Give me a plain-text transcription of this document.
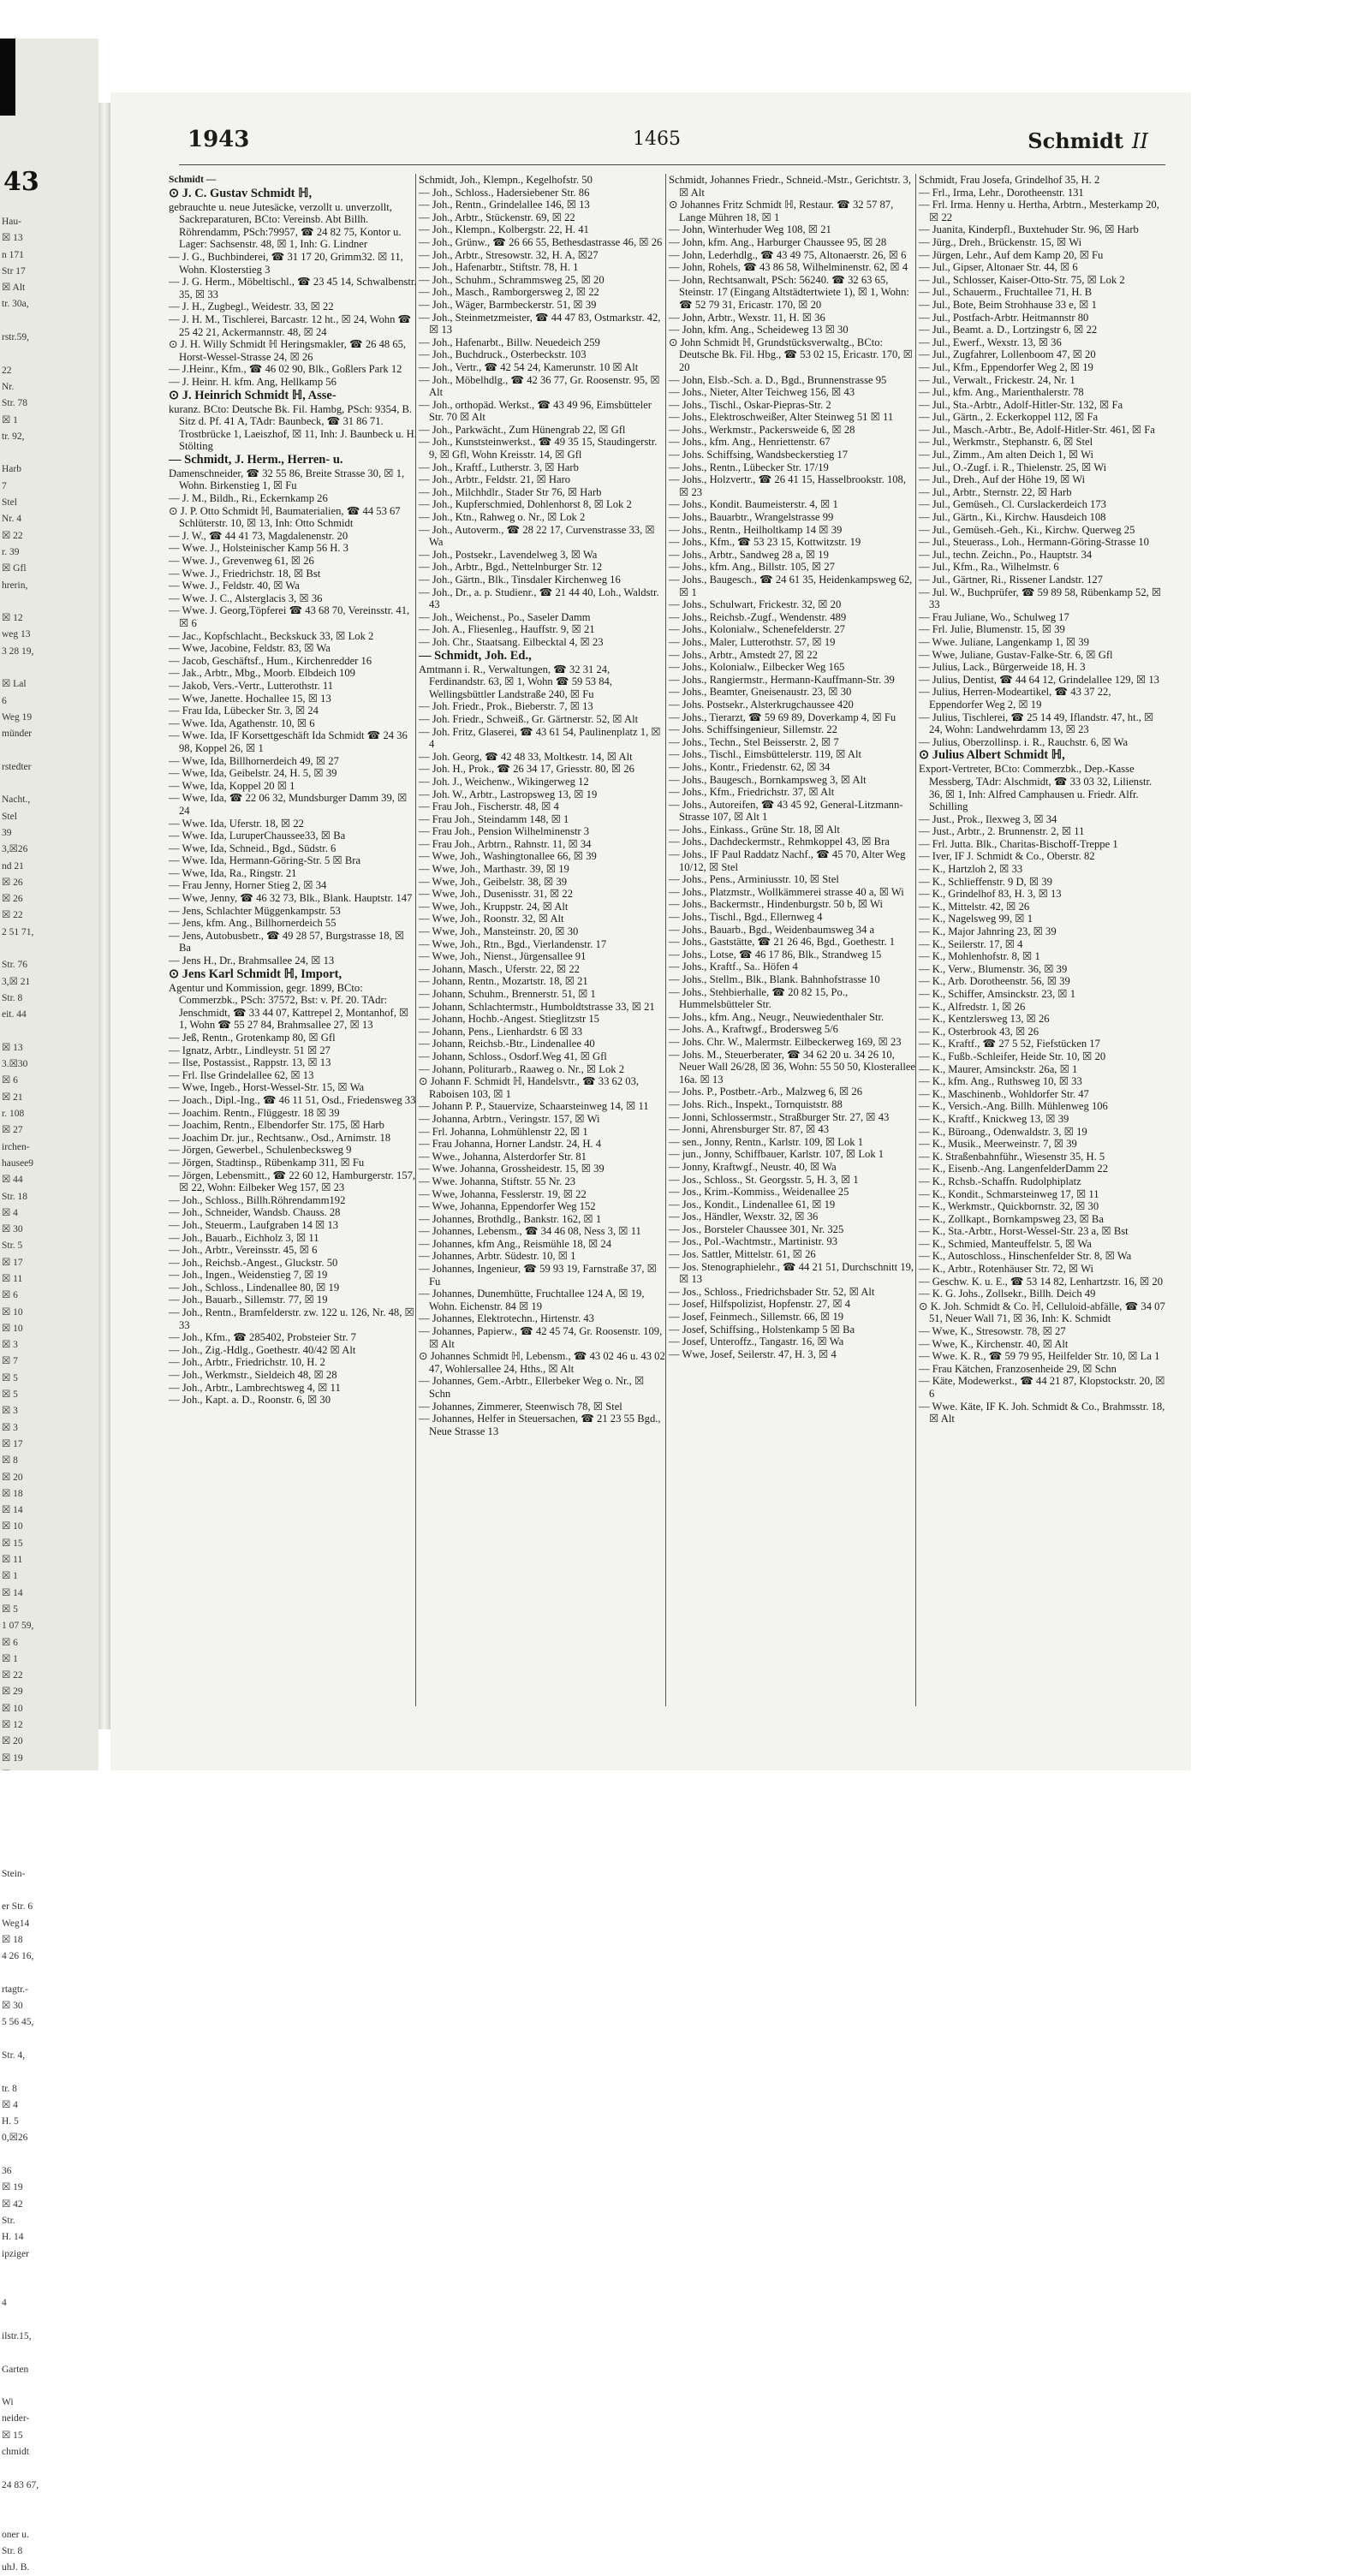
43
Hau-
☒ 13
n 171
Str 17
☒ Alt
tr. 30a,
rstr.59,
22
Nr.
Str. 78
☒ 1
tr. 92,
Harb
7
Stel
Nr. 4
☒ 22
r. 39
☒ Gfl
hrerin,
☒ 12
weg 13
3 28 19,
☒ Lal
6
Weg 19
münder
rstedter
Nacht.,
Stel
39
3,☒26
nd 21
☒ 26
☒ 26
☒ 22
2 51 71,
Str. 76
3,☒ 21
Str. 8
eit. 44
☒ 13
3.☒30
☒ 6
☒ 21
r. 108
☒ 27
irchen-
hausee9
☒ 44
Str. 18
☒ 4
☒ 30
Str. 5
☒ 17
☒ 11
☒ 6
☒ 10
☒ 10
☒ 3
☒ 7
☒ 5
☒ 5
☒ 3
☒ 3
☒ 17
☒ 8
☒ 20
☒ 18
☒ 14
☒ 10
☒ 15
☒ 11
☒ 1
☒ 14
☒ 5
1 07 59,
☒ 6
☒ 1
☒ 22
☒ 29
☒ 10
☒ 12
☒ 20
☒ 19
Stein-
er Str. 6
Weg14
☒ 18
4 26 16,
rtagtr.-
☒ 30
5 56 45,
Str. 4,
tr. 8
☒ 4
H. 5
0,☒26
36
☒ 19
☒ 42
Str.
H. 14
ipziger
4
ilstr.15,
Garten
Wi
neider-
☒ 15
chmidt
24 83 67,
oner u.
Str. 8
uhJ. B.
1943	1465	Schmidt II

Schmidt —

⊙ J. C. Gustav Schmidt ℍ,

gebrauchte u. neue Jutesäcke, verzollt u. unverzollt, Sackreparaturen, BCto: Vereinsb. Abt Billh. Röhrendamm, PSch:79957, ☎ 24 82 75, Kontor u. Lager: Sachsenstr. 48, ☒ 1, Inh: G. Lindner

— J. G., Buchbinderei, ☎ 31 17 20, Grimm32. ☒ 11, Wohn. Klosterstieg 3

— J. G. Herm., Möbeltischl., ☎ 23 45 14, Schwalbenstr. 35, ☒ 33

— J. H., Zugbegl., Weidestr. 33, ☒ 22

— J. H. M., Tischlerei, Barcastr. 12 ht., ☒ 24, Wohn ☎ 25 42 21, Ackermannstr. 48, ☒ 24

⊙ J. H. Willy Schmidt ℍ Heringsmakler, ☎ 26 48 65, Horst-Wessel-Strasse 24, ☒ 26

— J.Heinr., Kfm., ☎ 46 02 90, Blk., Goßlers Park 12

— J. Heinr. H. kfm. Ang, Hellkamp 56

⊙ J. Heinrich Schmidt ℍ, Asse-

kuranz. BCto: Deutsche Bk. Fil. Hambg, PSch: 9354, B. Sitz d. Pf. 41 A, TAdr: Baunbeck, ☎ 31 86 71. Trostbrücke 1, Laeiszhof, ☒ 11, Inh: J. Baunbeck u. H. Stölting

— Schmidt, J. Herm., Herren- u.

Damenschneider, ☎ 32 55 86, Breite Strasse 30, ☒ 1, Wohn. Birkenstieg 1, ☒ Fu

— J. M., Bildh., Ri., Eckernkamp 26

⊙ J. P. Otto Schmidt ℍ, Baumaterialien, ☎ 44 53 67 Schlüterstr. 10, ☒ 13, Inh: Otto Schmidt

— J. W., ☎ 44 41 73, Magdalenenstr. 20

— Wwe. J., Holsteinischer Kamp 56 H. 3

— Wwe. J., Grevenweg 61, ☒ 26

— Wwe. J., Friedrichstr. 18, ☒ Bst

— Wwe. J., Feldstr. 40, ☒ Wa

— Wwe. J. C., Alsterglacis 3, ☒ 36

— Wwe. J. Georg,Töpferei ☎ 43 68 70, Vereinsstr. 41, ☒ 6

— Jac., Kopfschlacht., Beckskuck 33, ☒ Lok 2

— Wwe, Jacobine, Feldstr. 83, ☒ Wa

— Jacob, Geschäftsf., Hum., Kirchenredder 16

— Jak., Arbtr., Mbg., Moorb. Elbdeich 109

— Jakob, Vers.-Vertr., Lutterothstr. 11

— Wwe, Janette. Hochallee 15, ☒ 13

— Frau Ida, Lübecker Str. 3, ☒ 24

— Wwe. Ida, Agathenstr. 10, ☒ 6

— Wwe. Ida, IF Korsettgeschäft Ida Schmidt ☎ 24 36 98, Koppel 26, ☒ 1

— Wwe, Ida, Billhornerdeich 49, ☒ 27

— Wwe, Ida, Geibelstr. 24, H. 5, ☒ 39

— Wwe, Ida, Koppel 20 ☒ 1

— Wwe, Ida, ☎ 22 06 32, Mundsburger Damm 39, ☒ 24

— Wwe. Ida, Uferstr. 18, ☒ 22

— Wwe. Ida, LuruperChaussee33, ☒ Ba

— Wwe, Ida, Schneid., Bgd., Südstr. 6

— Wwe. Ida, Hermann-Göring-Str. 5 ☒ Bra

— Wwe, Ida, Ra., Ringstr. 21

— Frau Jenny, Horner Stieg 2, ☒ 34

— Wwe, Jenny, ☎ 46 32 73, Blk., Blank. Hauptstr. 147

— Jens, Schlachter Müggenkampstr. 53

— Jens, kfm. Ang., Billhornerdeich 55

— Jens, Autobusbetr., ☎ 49 28 57, Burgstrasse 18, ☒ Ba

— Jens H., Dr., Brahmsallee 24, ☒ 13

⊙ Jens Karl Schmidt ℍ, Import,

Agentur und Kommission, gegr. 1899, BCto: Commerzbk., PSch: 37572, Bst: v. Pf. 20. TAdr: Jenschmidt, ☎ 33 44 07, Kattrepel 2, Montanhof, ☒ 1, Wohn ☎ 55 27 84, Brahmsallee 27, ☒ 13

— Jeß, Rentn., Grotenkamp 80, ☒ Gfl

— Ignatz, Arbtr., Lindleystr. 51 ☒ 27

— Ilse, Postassist., Rappstr. 13, ☒ 13

— Frl. Ilse Grindelallee 62, ☒ 13

— Wwe, Ingeb., Horst-Wessel-Str. 15, ☒ Wa

— Joach., Dipl.-Ing., ☎ 46 11 51, Osd., Friedensweg 33

— Joachim. Rentn., Flüggestr. 18 ☒ 39

— Joachim, Rentn., Elbendorfer Str. 175, ☒ Harb

— Joachim Dr. jur., Rechtsanw., Osd., Arnimstr. 18

— Jörgen, Gewerbel., Schulenbecksweg 9

— Jörgen, Stadtinsp., Rübenkamp 311, ☒ Fu

— Jörgen, Lebensmitt., ☎ 22 60 12, Hamburgerstr. 157, ☒ 22, Wohn: Eilbeker Weg 157, ☒ 23

— Joh., Schloss., Billh.Röhrendamm192

— Joh., Schneider, Wandsb. Chauss. 28

— Joh., Steuerm., Laufgraben 14 ☒ 13

— Joh., Bauarb., Eichholz 3, ☒ 11

— Joh., Arbtr., Vereinsstr. 45, ☒ 6

— Joh., Reichsb.-Angest., Gluckstr. 50

— Joh., Ingen., Weidenstieg 7, ☒ 19

— Joh., Schloss., Lindenallee 80, ☒ 19

— Joh., Bauarb., Sillemstr. 77, ☒ 19

— Joh., Rentn., Bramfelderstr. zw. 122 u. 126, Nr. 48, ☒ 33

— Joh., Kfm., ☎ 285402, Probsteier Str. 7

— Joh., Zig.-Hdlg., Goethestr. 40/42 ☒ Alt

— Joh., Arbtr., Friedrichstr. 10, H. 2

— Joh., Werkmstr., Sieldeich 48, ☒ 28

— Joh., Arbtr., Lambrechtsweg 4, ☒ 11

— Joh., Kapt. a. D., Roonstr. 6, ☒ 30

Schmidt, Joh., Klempn., Kegelhofstr. 50

— Joh., Schloss., Hadersiebener Str. 86

— Joh., Rentn., Grindelallee 146, ☒ 13

— Joh., Arbtr., Stückenstr. 69, ☒ 22

— Joh., Klempn., Kolbergstr. 22, H. 41

— Joh., Grünw., ☎ 26 66 55, Bethesdastrasse 46, ☒ 26

— Joh., Arbtr., Stresowstr. 32, H. A, ☒27

— Joh., Hafenarbtr., Stiftstr. 78, H. 1

— Joh., Schuhm., Schrammsweg 25, ☒ 20

— Joh., Masch., Ramborgersweg 2, ☒ 22

— Joh., Wäger, Barmbeckerstr. 51, ☒ 39

— Joh., Steinmetzmeister, ☎ 44 47 83, Ostmarkstr. 42, ☒ 13

— Joh., Hafenarbt., Billw. Neuedeich 259

— Joh., Buchdruck., Osterbeckstr. 103

— Joh., Vertr., ☎ 42 54 24, Kamerunstr. 10 ☒ Alt

— Joh., Möbelhdlg., ☎ 42 36 77, Gr. Roosenstr. 95, ☒ Alt

— Joh., orthopäd. Werkst., ☎ 43 49 96, Eimsbütteler Str. 70 ☒ Alt

— Joh., Parkwächt., Zum Hünengrab 22, ☒ Gfl

— Joh., Kunststeinwerkst., ☎ 49 35 15, Staudingerstr. 9, ☒ Gfl, Wohn Kreisstr. 14, ☒ Gfl

— Joh., Kraftf., Lutherstr. 3, ☒ Harb

— Joh., Arbtr., Feldstr. 21, ☒ Haro

— Joh., Milchhdlr., Stader Str 76, ☒ Harb

— Joh., Kupferschmied, Dohlenhorst 8, ☒ Lok 2

— Joh., Ktn., Rahweg o. Nr., ☒ Lok 2

— Joh., Autoverm., ☎ 28 22 17, Curvenstrasse 33, ☒ Wa

— Joh., Postsekr., Lavendelweg 3, ☒ Wa

— Joh., Arbtr., Bgd., Nettelnburger Str. 12

— Joh., Gärtn., Blk., Tinsdaler Kirchenweg 16

— Joh., Dr., a. p. Studienr., ☎ 21 44 40, Loh., Waldstr. 43

— Joh., Weichenst., Po., Saseler Damm

— Joh. A., Fliesenleg., Hauffstr. 9, ☒ 21

— Joh. Chr., Staatsang. Eilbecktal 4, ☒ 23

— Schmidt, Joh. Ed.,

Amtmann i. R., Verwaltungen, ☎ 32 31 24, Ferdinandstr. 63, ☒ 1, Wohn ☎ 59 53 84, Wellingsbüttler Landstraße 240, ☒ Fu

— Joh. Friedr., Prok., Bieberstr. 7, ☒ 13

— Joh. Friedr., Schweiß., Gr. Gärtnerstr. 52, ☒ Alt

— Joh. Fritz, Glaserei, ☎ 43 61 54, Paulinenplatz 1, ☒ 4

— Joh. Georg, ☎ 42 48 33, Moltkestr. 14, ☒ Alt

— Joh. H., Prok., ☎ 26 34 17, Griesstr. 80, ☒ 26

— Joh. J., Weichenw., Wikingerweg 12

— Joh. W., Arbtr., Lastropsweg 13, ☒ 19

— Frau Joh., Fischerstr. 48, ☒ 4

— Frau Joh., Steindamm 148, ☒ 1

— Frau Joh., Pension Wilhelminenstr 3

— Frau Joh., Arbtrn., Rahnstr. 11, ☒ 34

— Wwe, Joh., Washingtonallee 66, ☒ 39

— Wwe, Joh., Marthastr. 39, ☒ 19

— Wwe, Joh., Geibelstr. 38, ☒ 39

— Wwe, Joh., Dusenisstr. 31, ☒ 22

— Wwe, Joh., Kruppstr. 24, ☒ Alt

— Wwe, Joh., Roonstr. 32, ☒ Alt

— Wwe, Joh., Mansteinstr. 20, ☒ 30

— Wwe, Joh., Rtn., Bgd., Vierlandenstr. 17

— Wwe, Joh., Nienst., Jürgensallee 91

— Johann, Masch., Uferstr. 22, ☒ 22

— Johann, Rentn., Mozartstr. 18, ☒ 21

— Johann, Schuhm., Brennerstr. 51, ☒ 1

— Johann, Schlachtermstr., Humboldtstrasse 33, ☒ 21

— Johann, Hochb.-Angest. Stieglitzstr 15

— Johann, Pens., Lienhardstr. 6 ☒ 33

— Johann, Reichsb.-Btr., Lindenallee 40

— Johann, Schloss., Osdorf.Weg 41, ☒ Gfl

— Johann, Politurarb., Raaweg o. Nr., ☒ Lok 2

⊙ Johann F. Schmidt ℍ, Handelsvtr., ☎ 33 62 03, Raboisen 103, ☒ 1

— Johann P. P., Stauervize, Schaarsteinweg 14, ☒ 11

— Johanna, Arbtrn., Veringstr. 157, ☒ Wi

— Frl. Johanna, Lohmühlenstr 22, ☒ 1

— Frau Johanna, Horner Landstr. 24, H. 4

— Wwe., Johanna, Alsterdorfer Str. 81

— Wwe. Johanna, Grossheidestr. 15, ☒ 39

— Wwe. Johanna, Stiftstr. 55 Nr. 23

— Wwe, Johanna, Fesslerstr. 19, ☒ 22

— Wwe, Johanna, Eppendorfer Weg 152

— Johannes, Brothdlg., Bankstr. 162, ☒ 1

— Johannes, Lebensm., ☎ 34 46 08, Ness 3, ☒ 11

— Johannes, kfm Ang., Reismühle 18, ☒ 24

— Johannes, Arbtr. Südestr. 10, ☒ 1

— Johannes, Ingenieur, ☎ 59 93 19, Farnstraße 37, ☒ Fu

— Johannes, Dunemhütte, Fruchtallee 124 A, ☒ 19, Wohn. Eichenstr. 84 ☒ 19

— Johannes, Elektrotechn., Hirtenstr. 43

— Johannes, Papierw., ☎ 42 45 74, Gr. Roosenstr. 109, ☒ Alt

⊙ Johannes Schmidt ℍ, Lebensm., ☎ 43 02 46 u. 43 02 47, Wohlersallee 24, Hths., ☒ Alt

— Johannes, Gem.-Arbtr., Ellerbeker Weg o. Nr., ☒ Schn

— Johannes, Zimmerer, Steenwisch 78, ☒ Stel

— Johannes, Helfer in Steuersachen, ☎ 21 23 55 Bgd., Neue Strasse 13

Schmidt, Johannes Friedr., Schneid.-Mstr., Gerichtstr. 3, ☒ Alt

⊙ Johannes Fritz Schmidt ℍ, Restaur. ☎ 32 57 87, Lange Mühren 18, ☒ 1

— John, Winterhuder Weg 108, ☒ 21

— John, kfm. Ang., Harburger Chaussee 95, ☒ 28

— John, Lederhdlg., ☎ 43 49 75, Altonaerstr. 26, ☒ 6

— John, Rohels, ☎ 43 86 58, Wilhelminenstr. 62, ☒ 4

— John, Rechtsanwalt, PSch: 56240. ☎ 32 63 65, Steinstr. 17 (Eingang Altstädtertwiete 1), ☒ 1, Wohn: ☎ 52 79 31, Ericastr. 170, ☒ 20

— John, Arbtr., Wexstr. 11, H. ☒ 36

— John, kfm. Ang., Scheideweg 13 ☒ 30

⊙ John Schmidt ℍ, Grundstücksverwaltg., BCto: Deutsche Bk. Fil. Hbg., ☎ 53 02 15, Ericastr. 170, ☒ 20

— John, Elsb.-Sch. a. D., Bgd., Brunnenstrasse 95

— Johs., Nieter, Alter Teichweg 156, ☒ 43

— Johs., Tischl., Oskar-Piepras-Str. 2

— Johs., Elektroschweißer, Alter Steinweg 51 ☒ 11

— Johs., Werkmstr., Packersweide 6, ☒ 28

— Johs., kfm. Ang., Henriettenstr. 67

— Johs. Schiffsing, Wandsbeckerstieg 17

— Johs., Rentn., Lübecker Str. 17/19

— Johs., Holzvertr., ☎ 26 41 15, Hasselbrookstr. 108, ☒ 23

— Johs., Kondit. Baumeisterstr. 4, ☒ 1

— Johs., Bauarbtr., Wrangelstrasse 99

— Johs., Rentn., Heilholtkamp 14 ☒ 39

— Johs., Kfm., ☎ 53 23 15, Kottwitzstr. 19

— Johs., Arbtr., Sandweg 28 a, ☒ 19

— Johs., kfm. Ang., Billstr. 105, ☒ 27

— Johs., Baugesch., ☎ 24 61 35, Heidenkampsweg 62, ☒ 1

— Johs., Schulwart, Frickestr. 32, ☒ 20

— Johs., Reichsb.-Zugf., Wendenstr. 489

— Johs., Kolonialw., Schenefelderstr. 27

— Johs., Maler, Lutterothstr. 57, ☒ 19

— Johs., Arbtr., Amstedt 27, ☒ 22

— Johs., Kolonialw., Eilbecker Weg 165

— Johs., Rangiermstr., Hermann-Kauffmann-Str. 39

— Johs., Beamter, Gneisenaustr. 23, ☒ 30

— Johs. Postsekr., Alsterkrugchaussee 420

— Johs., Tierarzt, ☎ 59 69 89, Doverkamp 4, ☒ Fu

— Johs. Schiffsingenieur, Sillemstr. 22

— Johs., Techn., Stel Beisserstr. 2, ☒ 7

— Johs., Tischl., Eimsbüttelerstr. 119, ☒ Alt

— Johs., Kontr., Friedenstr. 62, ☒ 34

— Johs., Baugesch., Bornkampsweg 3, ☒ Alt

— Johs., Kfm., Friedrichstr. 37, ☒ Alt

— Johs., Autoreifen, ☎ 43 45 92, General-Litzmann-Strasse 107, ☒ Alt 1

— Johs., Einkass., Grüne Str. 18, ☒ Alt

— Johs., Dachdeckermstr., Rehmkoppel 43, ☒ Bra

— Johs., IF Paul Raddatz Nachf., ☎ 45 70, Alter Weg 10/12, ☒ Stel

— Johs., Pens., Arminiusstr. 10, ☒ Stel

— Johs., Platzmstr., Wollkämmerei strasse 40 a, ☒ Wi

— Johs., Backermstr., Hindenburgstr. 50 b, ☒ Wi

— Johs., Tischl., Bgd., Ellernweg 4

— Johs., Bauarb., Bgd., Weidenbaumsweg 34 a

— Johs., Gaststätte, ☎ 21 26 46, Bgd., Goethestr. 1

— Johs., Lotse, ☎ 46 17 86, Blk., Strandweg 15

— Johs., Kraftf., Sa.. Höfen 4

— Johs., Stellm., Blk., Blank. Bahnhofstrasse 10

— Johs., Stehbierhalle, ☎ 20 82 15, Po., Hummelsbütteler Str.

— Johs., kfm. Ang., Neugr., Neuwiedenthaler Str.

— Johs. A., Kraftwgf., Brodersweg 5/6

— Johs. Chr. W., Malermstr. Eilbeckerweg 169, ☒ 23

— Johs. M., Steuerberater, ☎ 34 62 20 u. 34 26 10, Neuer Wall 26/28, ☒ 36, Wohn: 55 50 50, Klosterallee 16a. ☒ 13

— Johs. P., Postbetr.-Arb., Malzweg 6, ☒ 26

— Johs. Rich., Inspekt., Tornquiststr. 88

— Jonni, Schlossermstr., Straßburger Str. 27, ☒ 43

— Jonni, Ahrensburger Str. 87, ☒ 43

— sen., Jonny, Rentn., Karlstr. 109, ☒ Lok 1

— jun., Jonny, Schiffbauer, Karlstr. 107, ☒ Lok 1

— Jonny, Kraftwgf., Neustr. 40, ☒ Wa

— Jos., Schloss., St. Georgsstr. 5, H. 3, ☒ 1

— Jos., Krim.-Kommiss., Weidenallee 25

— Jos., Kondit., Lindenallee 61, ☒ 19

— Jos., Händler, Wexstr. 32, ☒ 36

— Jos., Borsteler Chaussee 301, Nr. 325

— Jos., Pol.-Wachtmstr., Martinistr. 93

— Jos. Sattler, Mittelstr. 61, ☒ 26

— Jos. Stenographielehr., ☎ 44 21 51, Durchschnitt 19, ☒ 13

— Jos., Schloss., Friedrichsbader Str. 52, ☒ Alt

— Josef, Hilfspolizist, Hopfenstr. 27, ☒ 4

— Josef, Feinmech., Sillemstr. 66, ☒ 19

— Josef, Schiffsing., Holstenkamp 5 ☒ Ba

— Josef, Unteroffz., Tangastr. 16, ☒ Wa

— Wwe, Josef, Seilerstr. 47, H. 3, ☒ 4

Schmidt, Frau Josefa, Grindelhof 35, H. 2

— Frl., Irma, Lehr., Dorotheenstr. 131

— Frl. Irma. Henny u. Hertha, Arbtrn., Mesterkamp 20, ☒ 22

— Juanita, Kinderpfl., Buxtehuder Str. 96, ☒ Harb

— Jürg., Dreh., Brückenstr. 15, ☒ Wi

— Jürgen, Lehr., Auf dem Kamp 20, ☒ Fu

— Jul., Gipser, Altonaer Str. 44, ☒ 6

— Jul., Schlosser, Kaiser-Otto-Str. 75, ☒ Lok 2

— Jul., Schauerm., Fruchtallee 71, H. B

— Jul., Bote, Beim Strohhause 33 e, ☒ 1

— Jul., Postfach-Arbtr. Heitmannstr 80

— Jul., Beamt. a. D., Lortzingstr 6, ☒ 22

— Jul., Ewerf., Wexstr. 13, ☒ 36

— Jul., Zugfahrer, Lollenboom 47, ☒ 20

— Jul., Kfm., Eppendorfer Weg 2, ☒ 19

— Jul., Verwalt., Frickestr. 24, Nr. 1

— Jul., kfm. Ang., Marienthalerstr. 78

— Jul., Sta.-Arbtr., Adolf-Hitler-Str. 132, ☒ Fa

— Jul., Gärtn., 2. Eckerkoppel 112, ☒ Fa

— Jul., Masch.-Arbtr., Be, Adolf-Hitler-Str. 461, ☒ Fa

— Jul., Werkmstr., Stephanstr. 6, ☒ Stel

— Jul., Zimm., Am alten Deich 1, ☒ Wi

— Jul., O.-Zugf. i. R., Thielenstr. 25, ☒ Wi

— Jul., Dreh., Auf der Höhe 19, ☒ Wi

— Jul., Arbtr., Sternstr. 22, ☒ Harb

— Jul., Gemüseh., Cl. Curslackerdeich 173

— Jul., Gärtn., Ki., Kirchw. Hausdeich 108

— Jul., Gemüseh.-Geh., Ki., Kirchw. Querweg 25

— Jul., Steuerass., Loh., Hermann-Göring-Strasse 10

— Jul., techn. Zeichn., Po., Hauptstr. 34

— Jul., Kfm., Ra., Wilhelmstr. 6

— Jul., Gärtner, Ri., Rissener Landstr. 127

— Jul. W., Buchprüfer, ☎ 59 89 58, Rübenkamp 52, ☒ 33

— Frau Juliane, Wo., Schulweg 17

— Frl. Julie, Blumenstr. 15, ☒ 39

— Wwe. Juliane, Langenkamp 1, ☒ 39

— Wwe, Juliane, Gustav-Falke-Str. 6, ☒ Gfl

— Julius, Lack., Bürgerweide 18, H. 3

— Julius, Dentist, ☎ 44 64 12, Grindelallee 129, ☒ 13

— Julius, Herren-Modeartikel, ☎ 43 37 22, Eppendorfer Weg 2, ☒ 19

— Julius, Tischlerei, ☎ 25 14 49, Iflandstr. 47, ht., ☒ 24, Wohn: Landwehrdamm 13, ☒ 23

— Julius, Oberzollinsp. i. R., Rauchstr. 6, ☒ Wa

⊙ Julius Albert Schmidt ℍ,

Export-Vertreter, BCto: Commerzbk., Dep.-Kasse Messberg, TAdr: Alschmidt, ☎ 33 03 32, Lilienstr. 36, ☒ 1, Inh: Alfred Camphausen u. Friedr. Alfr. Schilling

— Just., Prok., Ilexweg 3, ☒ 34

— Just., Arbtr., 2. Brunnenstr. 2, ☒ 11

— Frl. Jutta. Blk., Charitas-Bischoff-Treppe 1

— Iver, IF J. Schmidt & Co., Oberstr. 82

— K., Hartzloh 2, ☒ 33

— K., Schlieffenstr. 9 D, ☒ 39

— K., Grindelhof 83, H. 3, ☒ 13

— K., Mittelstr. 42, ☒ 26

— K., Nagelsweg 99, ☒ 1

— K., Major Jahnring 23, ☒ 39

— K., Seilerstr. 17, ☒ 4

— K., Mohlenhofstr. 8, ☒ 1

— K., Verw., Blumenstr. 36, ☒ 39

— K., Arb. Dorotheenstr. 56, ☒ 39

— K., Schiffer, Amsinckstr. 23, ☒ 1

— K., Alfredstr. 1, ☒ 26

— K., Kentzlersweg 13, ☒ 26

— K., Osterbrook 43, ☒ 26

— K., Kraftf., ☎ 27 5 52, Fiefstücken 17

— K., Fußb.-Schleifer, Heide Str. 10, ☒ 20

— K., Maurer, Amsinckstr. 26a, ☒ 1

— K., kfm. Ang., Ruthsweg 10, ☒ 33

— K., Maschinenb., Wohldorfer Str. 47

— K., Versich.-Ang. Billh. Mühlenweg 106

— K., Kraftf., Knickweg 13, ☒ 39

— K., Büroang., Odenwaldstr. 3, ☒ 19

— K., Musik., Meerweinstr. 7, ☒ 39

— K. Straßenbahnführ., Wiesenstr 35, H. 5

— K., Eisenb.-Ang. LangenfelderDamm 22

— K., Rchsb.-Schaffn. Rudolphiplatz

— K., Kondit., Schmarsteinweg 17, ☒ 11

— K., Werkmstr., Quickbornstr. 32, ☒ 30

— K., Zollkapt., Bornkampsweg 23, ☒ Ba

— K., Sta.-Arbtr., Horst-Wessel-Str. 23 a, ☒ Bst

— K., Schmied, Manteuffelstr. 5, ☒ Wa

— K., Autoschloss., Hinschenfelder Str. 8, ☒ Wa

— K., Arbtr., Rotenhäuser Str. 72, ☒ Wi

— Geschw. K. u. E., ☎ 53 14 82, Lenhartzstr. 16, ☒ 20

— K. G. Johs., Zollsekr., Billh. Deich 49

⊙ K. Joh. Schmidt & Co. ℍ, Celluloid-abfälle, ☎ 34 07 51, Neuer Wall 71, ☒ 36, Inh: K. Schmidt

— Wwe, K., Stresowstr. 78, ☒ 27

— Wwe, K., Kirchenstr. 40, ☒ Alt

— Wwe. K. R., ☎ 59 79 95, Heilfelder Str. 10, ☒ La 1

— Frau Kätchen, Franzosenheide 29, ☒ Schn

— Käte, Modewerkst., ☎ 44 21 87, Klopstockstr. 20, ☒ 6

— Wwe. Käte, IF K. Joh. Schmidt & Co., Brahmsstr. 18, ☒ Alt
